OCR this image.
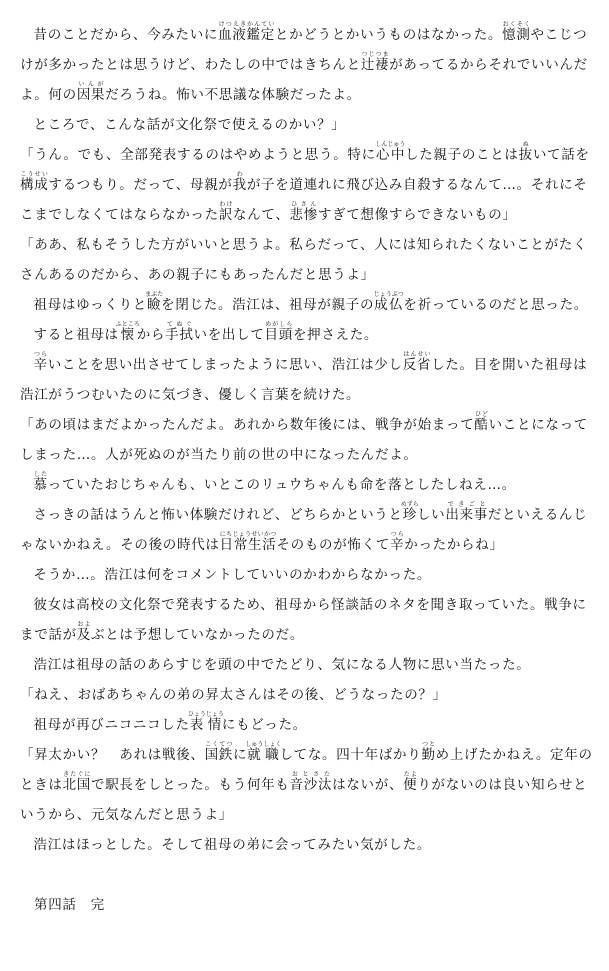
昔のことだから、今みたいに血液鑑定けつえきかんていとかどうとかいうものはなかった。憶測おくそくやこじつけが多かったとは思うけど、わたしの中ではきちんと辻褄つじつまがあってるからそれでいいんだよ。何の因果いんがだろうね。怖い不思議な体験だったよ。

ところで、こんな話が文化祭で使えるのかい？」

「うん。でも、全部発表するのはやめようと思う。特に心中しんじゅうした親子のことは抜ぬいて話を構成こうせいするつもり。だって、母親が我わが子を道連れに飛び込み自殺するなんて…。それにそこまでしなくてはならなかった訳わけなんて、悲惨ひさんすぎて想像すらできないもの」

「ああ、私もそうした方がいいと思うよ。私らだって、人には知られたくないことがたくさんあるのだから、あの親子にもあったんだと思うよ」

祖母はゆっくりと瞼まぶたを閉じた。浩江は、祖母が親子の成仏じょうぶつを祈っているのだと思った。

すると祖母は懐ふところから手拭てぬぐいを出して目頭めがしらを押さえた。

辛つらいことを思い出させてしまったように思い、浩江は少し反省はんせいした。目を開いた祖母は浩江がうつむいたのに気づき、優しく言葉を続けた。

「あの頃はまだよかったんだよ。あれから数年後には、戦争が始まって酷ひどいことになってしまった…。人が死ぬのが当たり前の世の中になったんだよ。

慕したっていたおじちゃんも、いとこのリュウちゃんも命を落としたしねえ…。

さっきの話はうんと怖い体験だけれど、どちらかというと珍めずらしい出来事できごとだといえるんじゃないかねえ。その後の時代は日常生活にちじょうせいかつそのものが怖くて辛つらかったからね」

そうか…。浩江は何をコメントしていいのかわからなかった。

彼女は高校の文化祭で発表するため、祖母から怪談話のネタを聞き取っていた。戦争にまで話が及およぶとは予想していなかったのだ。

浩江は祖母の話のあらすじを頭の中でたどり、気になる人物に思い当たった。

「ねえ、おばあちゃんの弟の昇太さんはその後、どうなったの？」

祖母が再びニコニコした表情ひょうじょうにもどった。

「昇太かい？　あれは戦後、国鉄こくてつに就職しゅうしょくしてな。四十年ばかり勤つとめ上げたかねえ。定年のときは北国きたぐにで駅長をしとった。もう何年も音沙汰おとさたはないが、便たよりがないのは良い知らせというから、元気なんだと思うよ」

浩江はほっとした。そして祖母の弟に会ってみたい気がした。

第四話　完
